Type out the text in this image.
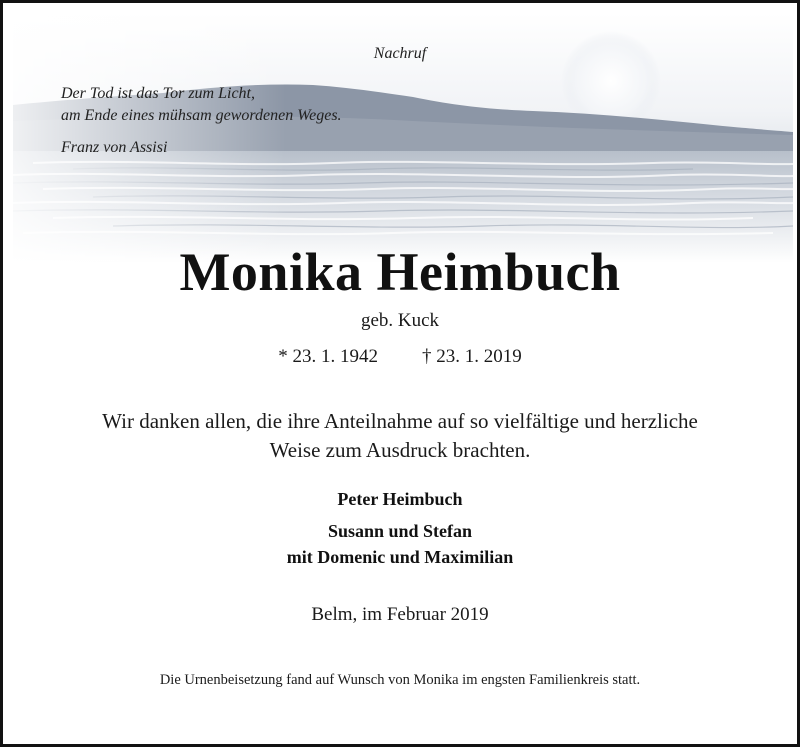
Nachruf
Der Tod ist das Tor zum Licht,
am Ende eines mühsam gewordenen Weges.
Franz von Assisi
Monika Heimbuch
geb. Kuck
* 23. 1. 1942 † 23. 1. 2019
Wir danken allen, die ihre Anteilnahme auf so vielfältige und herzliche
Weise zum Ausdruck brachten.
Peter Heimbuch
Susann und Stefan
mit Domenic und Maximilian
Belm, im Februar 2019
Die Urnenbeisetzung fand auf Wunsch von Monika im engsten Familienkreis statt.
